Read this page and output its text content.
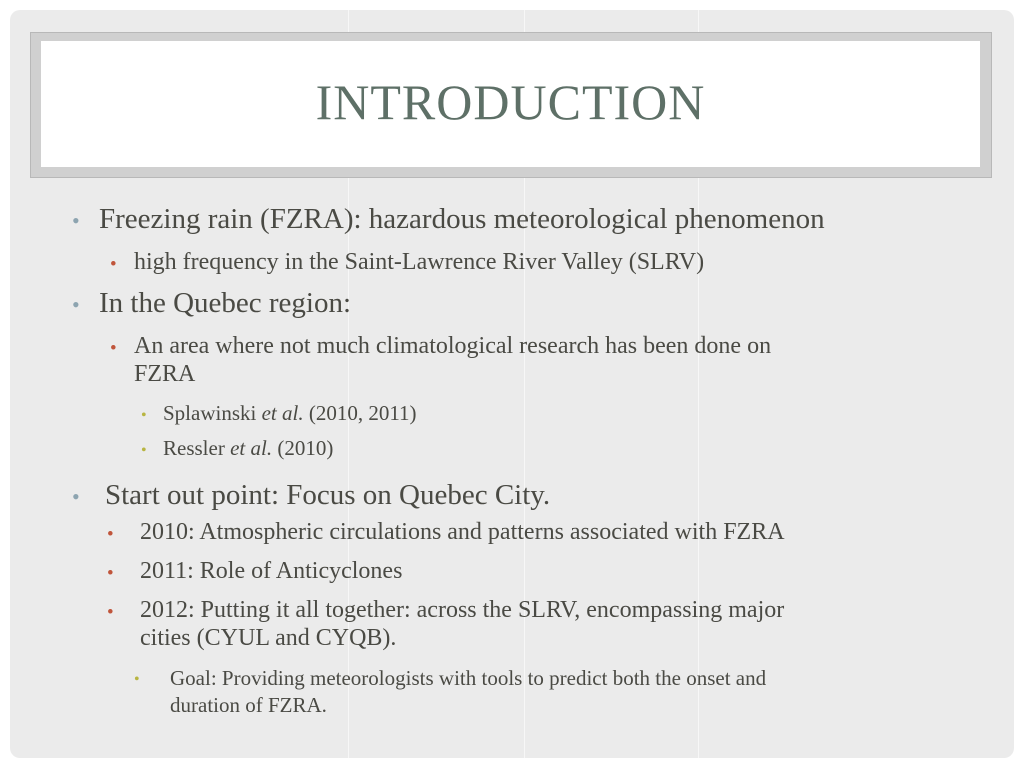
INTRODUCTION
• Freezing rain (FZRA): hazardous meteorological phenomenon
• high frequency in the Saint-Lawrence River Valley (SLRV)
• In the Quebec region:
• An area where not much climatological research has been done on
FZRA
• Splawinski et al. (2010, 2011)
• Ressler et al. (2010)
• Start out point: Focus on Quebec City.
• 2010: Atmospheric circulations and patterns associated with FZRA
• 2011: Role of Anticyclones
• 2012: Putting it all together: across the SLRV, encompassing major
cities (CYUL and CYQB).
• Goal: Providing meteorologists with tools to predict both the onset and
duration of FZRA.
